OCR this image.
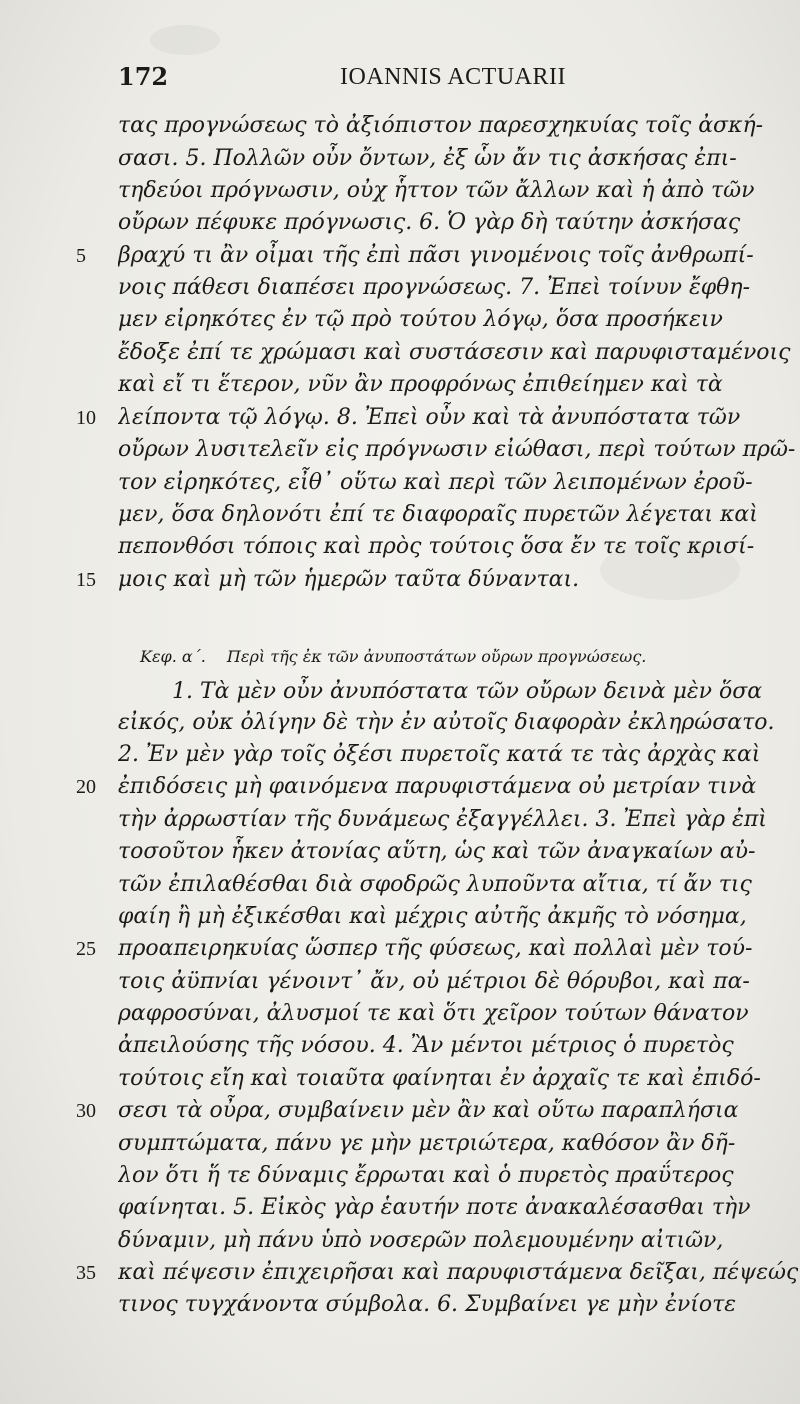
172	IOANNIS ACTUARII
τας προγνώσεως τὸ ἀξιόπιστον παρεσχηκυίας τοῖς ἀσκή-
σασι. 5. Πολλῶν οὖν ὄντων, ἐξ ὧν ἄν τις ἀσκήσας ἐπι-
τηδεύοι πρόγνωσιν, οὐχ ἧττον τῶν ἄλλων καὶ ἡ ἀπὸ τῶν
οὔρων πέφυκε πρόγνωσις. 6. Ὁ γὰρ δὴ ταύτην ἀσκήσας
βραχύ τι ἂν οἶμαι τῆς ἐπὶ πᾶσι γινομένοις τοῖς ἀνθρωπί-
5
νοις πάθεσι διαπέσει προγνώσεως. 7. Ἐπεὶ τοίνυν ἔφθη-
μεν εἰρηκότες ἐν τῷ πρὸ τούτου λόγῳ, ὅσα προσήκειν
ἔδοξε ἐπί τε χρώμασι καὶ συστάσεσιν καὶ παρυφισταμένοις
καὶ εἴ τι ἕτερον, νῦν ἂν προφρόνως ἐπιθείημεν καὶ τὰ
λείποντα τῷ λόγῳ. 8. Ἐπεὶ οὖν καὶ τὰ ἀνυπόστατα τῶν
10
οὔρων λυσιτελεῖν εἰς πρόγνωσιν εἰώθασι, περὶ τούτων πρῶ-
τον εἰρηκότες, εἶθ᾽ οὕτω καὶ περὶ τῶν λειπομένων ἐροῦ-
μεν, ὅσα δηλονότι ἐπί τε διαφοραῖς πυρετῶν λέγεται καὶ
πεπονθόσι τόποις καὶ πρὸς τούτοις ὅσα ἔν τε τοῖς κρισί-
μοις καὶ μὴ τῶν ἡμερῶν ταῦτα δύνανται.
15
1. Τὰ μὲν οὖν ἀνυπόστατα τῶν οὔρων δεινὰ μὲν ὅσα
εἰκός, οὐκ ὀλίγην δὲ τὴν ἐν αὐτοῖς διαφορὰν ἐκληρώσατο.
2. Ἐν μὲν γὰρ τοῖς ὀξέσι πυρετοῖς κατά τε τὰς ἀρχὰς καὶ
ἐπιδόσεις μὴ φαινόμενα παρυφιστάμενα οὐ μετρίαν τινὰ
20
τὴν ἀρρωστίαν τῆς δυνάμεως ἐξαγγέλλει. 3. Ἐπεὶ γὰρ ἐπὶ
τοσοῦτον ἧκεν ἀτονίας αὕτη, ὡς καὶ τῶν ἀναγκαίων αὐ-
τῶν ἐπιλαθέσθαι διὰ σφοδρῶς λυποῦντα αἴτια, τί ἄν τις
φαίη ἢ μὴ ἐξικέσθαι καὶ μέχρις αὐτῆς ἀκμῆς τὸ νόσημα,
προαπειρηκυίας ὥσπερ τῆς φύσεως, καὶ πολλαὶ μὲν τού-
25
τοις ἀϋπνίαι γένοιντ᾽ ἄν, οὐ μέτριοι δὲ θόρυβοι, καὶ πα-
ραφροσύναι, ἀλυσμοί τε καὶ ὅτι χεῖρον τούτων θάνατον
ἀπειλούσης τῆς νόσου. 4. Ἂν μέντοι μέτριος ὁ πυρετὸς
τούτοις εἴη καὶ τοιαῦτα φαίνηται ἐν ἀρχαῖς τε καὶ ἐπιδό-
σεσι τὰ οὖρα, συμβαίνειν μὲν ἂν καὶ οὕτω παραπλήσια
30
συμπτώματα, πάνυ γε μὴν μετριώτερα, καθόσον ἂν δῆ-
λον ὅτι ἥ τε δύναμις ἔρρωται καὶ ὁ πυρετὸς πραΰτερος
φαίνηται. 5. Εἰκὸς γὰρ ἑαυτήν ποτε ἀνακαλέσασθαι τὴν
δύναμιν, μὴ πάνυ ὑπὸ νοσερῶν πολεμουμένην αἰτιῶν,
καὶ πέψεσιν ἐπιχειρῆσαι καὶ παρυφιστάμενα δεῖξαι, πέψεώς
35
τινος τυγχάνοντα σύμβολα. 6. Συμβαίνει γε μὴν ἐνίοτε
Κεφ. α΄. Περὶ τῆς ἐκ τῶν ἀνυποστάτων οὔρων προγνώσεως.
